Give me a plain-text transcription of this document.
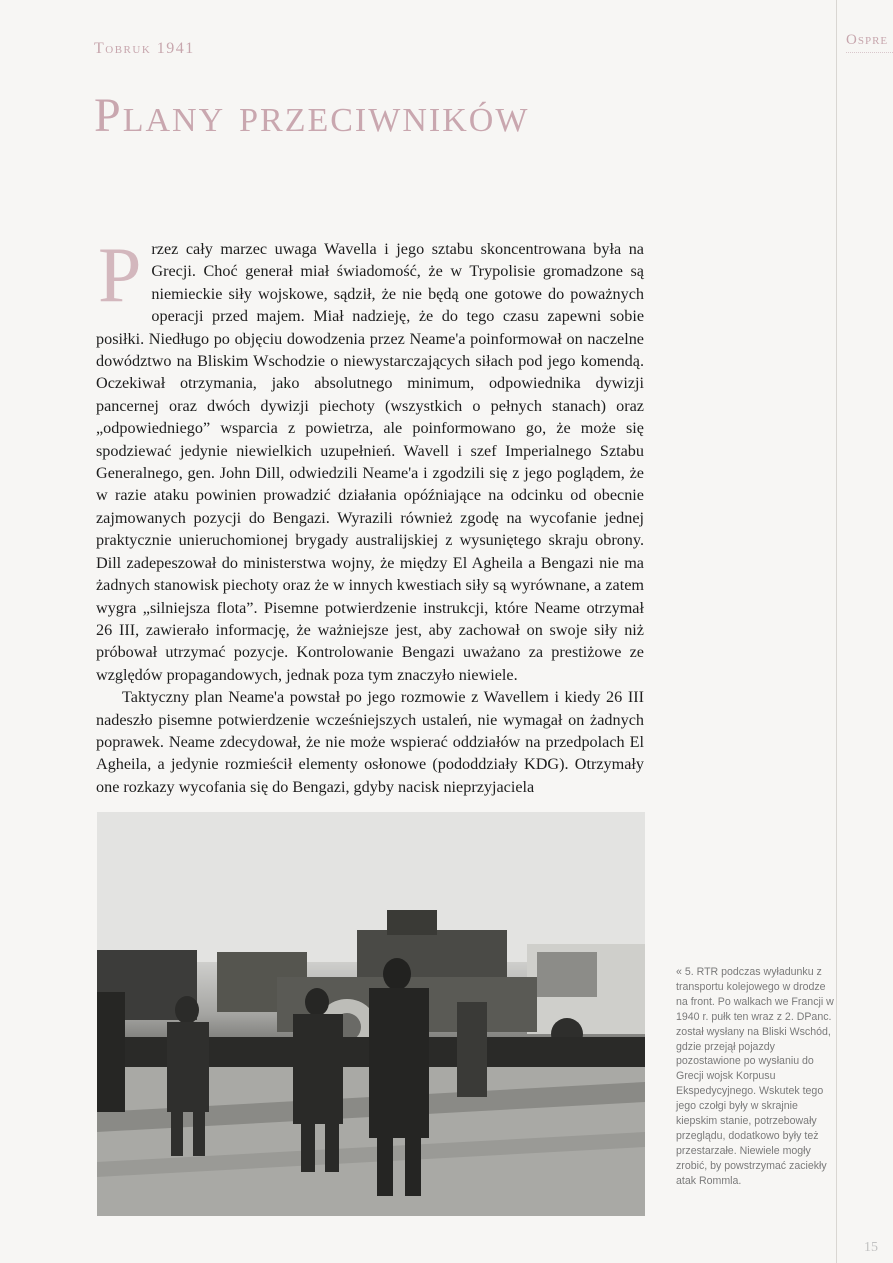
Tobruk 1941	Ospre
Plany przeciwników

Przez cały marzec uwaga Wavella i jego sztabu skoncentrowana była na Grecji. Choć generał miał świadomość, że w Trypolisie gromadzone są niemieckie siły wojskowe, sądził, że nie będą one gotowe do poważnych operacji przed majem. Miał nadzieję, że do tego czasu zapewni sobie posiłki. Niedługo po objęciu dowodzenia przez Neame'a poinformował on naczelne dowództwo na Bliskim Wschodzie o niewystarczających siłach pod jego komendą. Oczekiwał otrzymania, jako absolutnego minimum, odpowiednika dywizji pancernej oraz dwóch dywizji piechoty (wszystkich o pełnych stanach) oraz „odpowiedniego” wsparcia z powietrza, ale poinformowano go, że może się spodziewać jedynie niewielkich uzupełnień. Wavell i szef Imperialnego Sztabu Generalnego, gen. John Dill, odwiedzili Neame'a i zgodzili się z jego poglądem, że w razie ataku powinien prowadzić działania opóźniające na odcinku od obecnie zajmowanych pozycji do Bengazi. Wyrazili również zgodę na wycofanie jednej praktycznie unieruchomionej brygady australijskiej z wysuniętego skraju obrony. Dill zadepeszował do ministerstwa wojny, że między El Agheila a Bengazi nie ma żadnych stanowisk piechoty oraz że w innych kwestiach siły są wyrównane, a zatem wygra „silniejsza flota”. Pisemne potwierdzenie instrukcji, które Neame otrzymał 26 III, zawierało informację, że ważniejsze jest, aby zachował on swoje siły niż próbował utrzymać pozycje. Kontrolowanie Bengazi uważano za prestiżowe ze względów propagandowych, jednak poza tym znaczyło niewiele.

Taktyczny plan Neame'a powstał po jego rozmowie z Wavellem i kiedy 26 III nadeszło pisemne potwierdzenie wcześniejszych ustaleń, nie wymagał on żadnych poprawek. Neame zdecydował, że nie może wspierać oddziałów na przedpolach El Agheila, a jedynie rozmieścił elementy osłonowe (pododdziały KDG). Otrzymały one rozkazy wycofania się do Bengazi, gdyby nacisk nieprzyjaciela

« 5. RTR podczas wyładunku z transportu kolejowego w drodze na front. Po walkach we Francji w 1940 r. pułk ten wraz z 2. DPanc. został wysłany na Bliski Wschód, gdzie przejął pojazdy pozostawione po wysłaniu do Grecji wojsk Korpusu Ekspedycyjnego. Wskutek tego jego czołgi były w skrajnie kiepskim stanie, potrzebowały przeglądu, dodatkowo były też przestarzałe. Niewiele mogły zrobić, by powstrzymać zaciekły atak Rommla.
15
